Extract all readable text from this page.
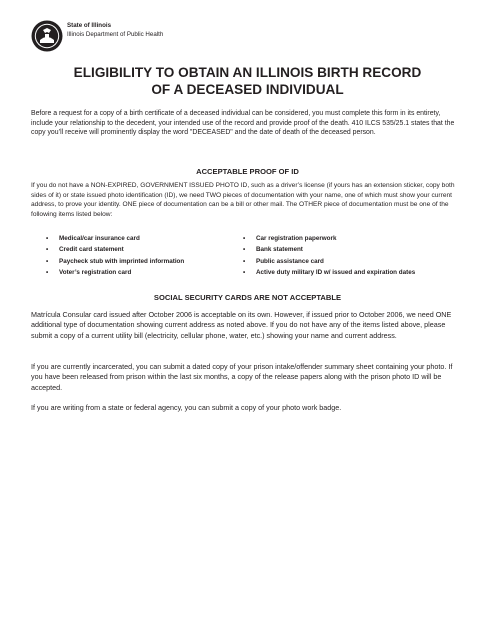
State of Illinois
Illinois Department of Public Health
ELIGIBILITY TO OBTAIN AN ILLINOIS BIRTH RECORD
OF A DECEASED INDIVIDUAL

Before a request for a copy of a birth certificate of a deceased individual can be considered, you must complete this form in its entirety, include your relationship to the decedent, your intended use of the record and provide proof of the death. 410 ILCS 535/25.1 states that the copy you’ll receive will prominently display the word "DECEASED" and the date of death of the deceased person.

ACCEPTABLE PROOF OF ID

If you do not have a NON-EXPIRED, GOVERNMENT ISSUED PHOTO ID, such as a driver’s license (if yours has an extension sticker, copy both sides of it) or state issued photo identification (ID), we need TWO pieces of documentation with your name, one of which must show your current address, to prove your identity. ONE piece of documentation can be a bill or other mail. The OTHER piece of documentation must be one of the following items listed below:

• Medical/car insurance card
• Credit card statement
• Paycheck stub with imprinted information
• Voter’s registration card
• Car registration paperwork
• Bank statement
• Public assistance card
• Active duty military ID w/ issued and expiration dates
SOCIAL SECURITY CARDS ARE NOT ACCEPTABLE

Matrícula Consular card issued after October 2006 is acceptable on its own. However, if issued prior to October 2006, we need ONE additional type of documentation showing current address as noted above. If you do not have any of the items listed above, please submit a copy of a current utility bill (electricity, cellular phone, water, etc.) showing your name and current address.

If you are currently incarcerated, you can submit a dated copy of your prison intake/offender summary sheet containing your photo. If you have been released from prison within the last six months, a copy of the release papers along with the prison photo ID will be accepted.

If you are writing from a state or federal agency, you can submit a copy of your photo work badge.
